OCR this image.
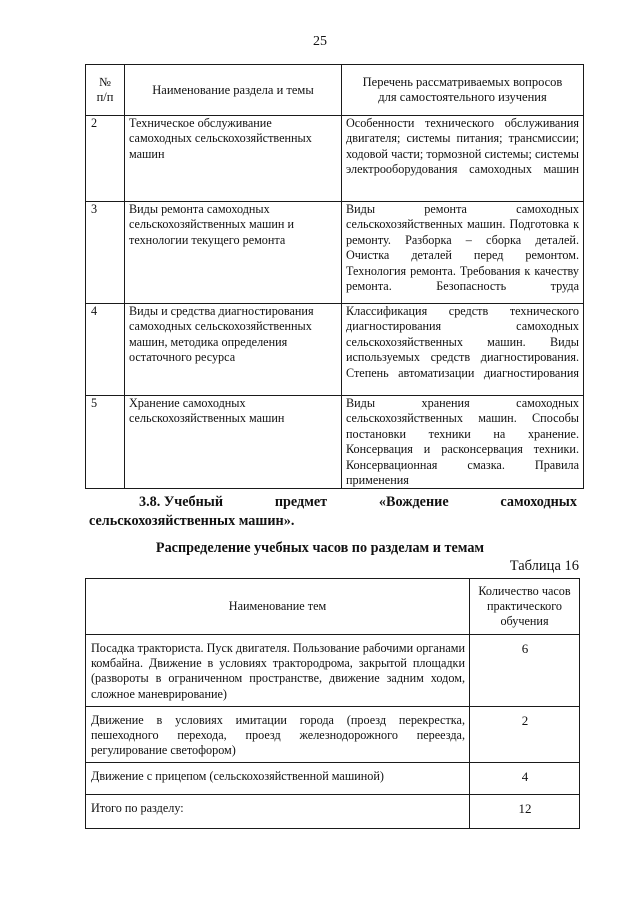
25
№
п/п	Наименование раздела и темы	Перечень рассматриваемых вопросов
для самостоятельного изучения
2	Техническое обслуживание самоходных сельскохозяйственных машин	Особенности технического обслуживания двигателя; системы питания; трансмиссии; ходовой части; тормозной системы; системы электрооборудования самоходных машин
3	Виды ремонта самоходных сельскохозяйственных машин и технологии текущего ремонта	Виды ремонта самоходных сельскохозяйственных машин. Подготовка к ремонту. Разборка – сборка деталей. Очистка деталей перед ремонтом. Технология ремонта. Требования к качеству ремонта. Безопасность труда
4	Виды и средства диагностирования самоходных сельскохозяйственных машин, методика определения остаточного ресурса	Классификация средств технического диагностирования самоходных сельскохозяйственных машин. Виды используемых средств диагностирования. Степень автоматизации диагностирования
5	Хранение самоходных сельскохозяйственных машин	Виды хранения самоходных сельскохозяйственных машин. Способы постановки техники на хранение. Консервация и расконсервация техники. Консервационная смазка. Правила применения
3.8. Учебный	предмет	«Вождение	самоходных
сельскохозяйственных машин».
Распределение учебных часов по разделам и темам
Таблица 16
Наименование тем	Количество часов практического обучения
Посадка тракториста. Пуск двигателя. Пользование рабочими органами комбайна. Движение в условиях трактородрома, закрытой площадки (развороты в ограниченном пространстве, движение задним ходом, сложное маневрирование)	6
Движение в условиях имитации города (проезд перекрестка, пешеходного перехода, проезд железнодорожного переезда, регулирование светофором)	2
Движение с прицепом (сельскохозяйственной машиной)	4
Итого по разделу:	12
